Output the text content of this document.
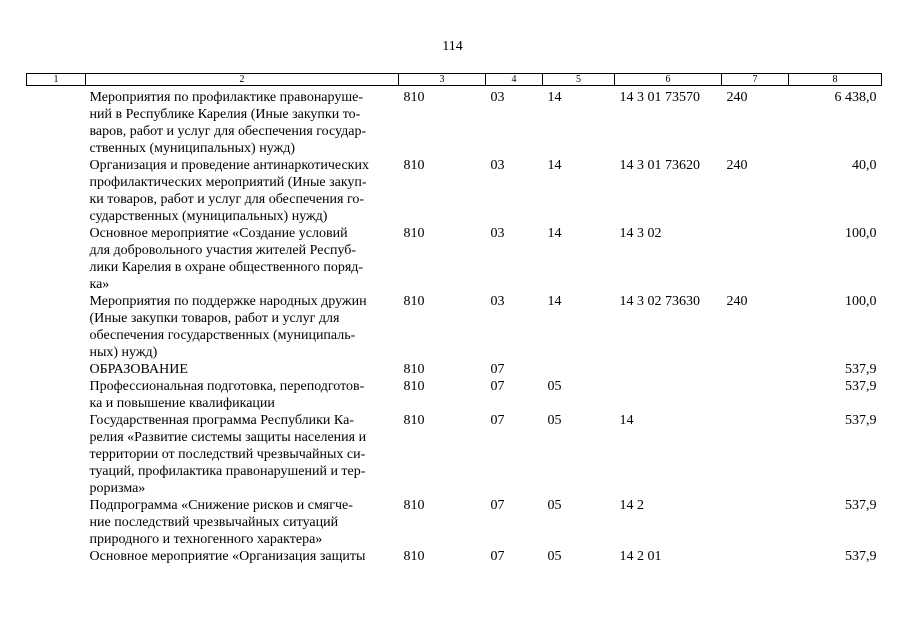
114
1	2	3	4	5	6	7	8
	Мероприятия по профилактике правонаруше-
ний в Республике Карелия (Иные закупки то-
варов, работ и услуг для обеспечения государ-
ственных (муниципальных) нужд)	810	03	14	14 3 01 73570	240	6 438,0
	Организация и проведение антинаркотических
профилактических мероприятий (Иные закуп-
ки товаров, работ и услуг для обеспечения го-
сударственных (муниципальных) нужд)	810	03	14	14 3 01 73620	240	40,0
	Основное мероприятие «Создание условий
для добровольного участия жителей Респуб-
лики Карелия в охране общественного поряд-
ка»	810	03	14	14 3 02		100,0
	Мероприятия по поддержке народных дружин
(Иные закупки товаров, работ и услуг для
обеспечения государственных (муниципаль-
ных) нужд)	810	03	14	14 3 02 73630	240	100,0
	ОБРАЗОВАНИЕ	810	07				537,9
	Профессиональная подготовка, переподготов-
ка и повышение квалификации	810	07	05			537,9
	Государственная программа Республики Ка-
релия «Развитие системы защиты населения и
территории от последствий чрезвычайных си-
туаций, профилактика правонарушений и тер-
роризма»	810	07	05	14		537,9
	Подпрограмма «Снижение рисков и смягче-
ние последствий чрезвычайных ситуаций
природного и техногенного характера»	810	07	05	14 2		537,9
	Основное мероприятие «Организация защиты	810	07	05	14 2 01		537,9
